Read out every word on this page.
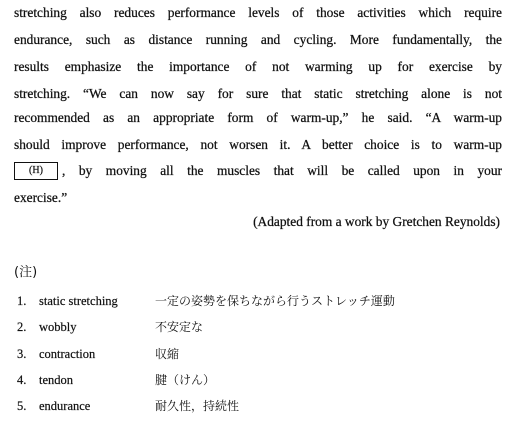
stretching also reduces performance levels of those activities which require
endurance, such as distance running and cycling. More fundamentally, the
results emphasize the importance of not warming up for exercise by
stretching. “We can now say for sure that static stretching alone is not
recommended as an appropriate form of warm-up,” he said. “A warm-up
should improve performance, not worsen it. A better choice is to warm-up
(H)	, by moving all the muscles that will be called upon in your
exercise.”
(Adapted from a work by Gretchen Reynolds)
(注)
1.	static stretching	一定の姿勢を保ちながら行うストレッチ運動
2.	wobbly	不安定な
3.	contraction	収縮
4.	tendon	腱（けん）
5.	endurance	耐久性，持続性
